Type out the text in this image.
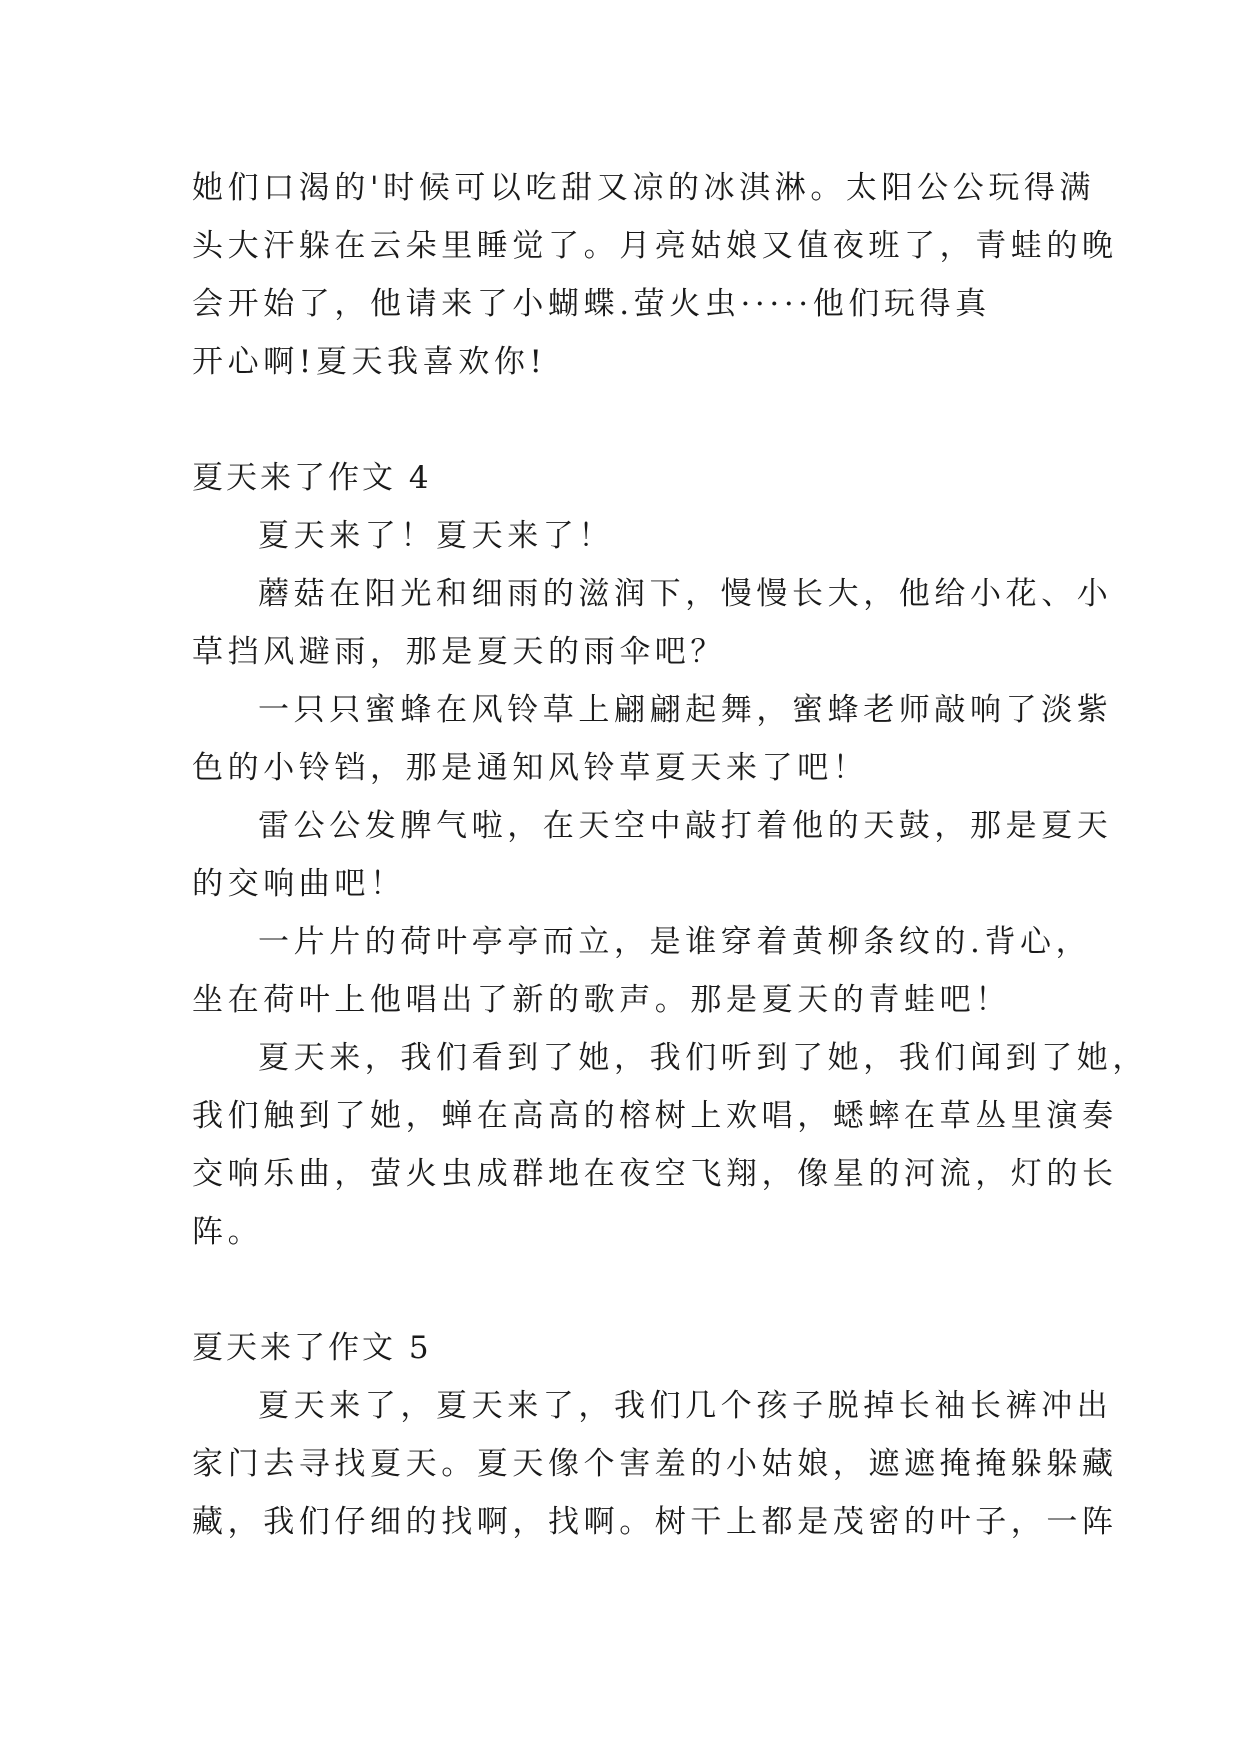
她们口渴的'时候可以吃甜又凉的冰淇淋。太阳公公玩得满
头大汗躲在云朵里睡觉了。月亮姑娘又值夜班了，青蛙的晚
会开始了，他请来了小蝴蝶.萤火虫·····他们玩得真
开心啊!夏天我喜欢你!
夏天来了作文 4
夏天来了！夏天来了！
蘑菇在阳光和细雨的滋润下，慢慢长大，他给小花、小
草挡风避雨，那是夏天的雨伞吧？
一只只蜜蜂在风铃草上翩翩起舞，蜜蜂老师敲响了淡紫
色的小铃铛，那是通知风铃草夏天来了吧！
雷公公发脾气啦，在天空中敲打着他的天鼓，那是夏天
的交响曲吧！
一片片的荷叶亭亭而立，是谁穿着黄柳条纹的.背心，
坐在荷叶上他唱出了新的歌声。那是夏天的青蛙吧！
夏天来，我们看到了她，我们听到了她，我们闻到了她，
我们触到了她，蝉在高高的榕树上欢唱，蟋蟀在草丛里演奏
交响乐曲，萤火虫成群地在夜空飞翔，像星的河流，灯的长
阵。
夏天来了作文 5
夏天来了，夏天来了，我们几个孩子脱掉长袖长裤冲出
家门去寻找夏天。夏天像个害羞的小姑娘，遮遮掩掩躲躲藏
藏，我们仔细的找啊，找啊。树干上都是茂密的叶子，一阵
